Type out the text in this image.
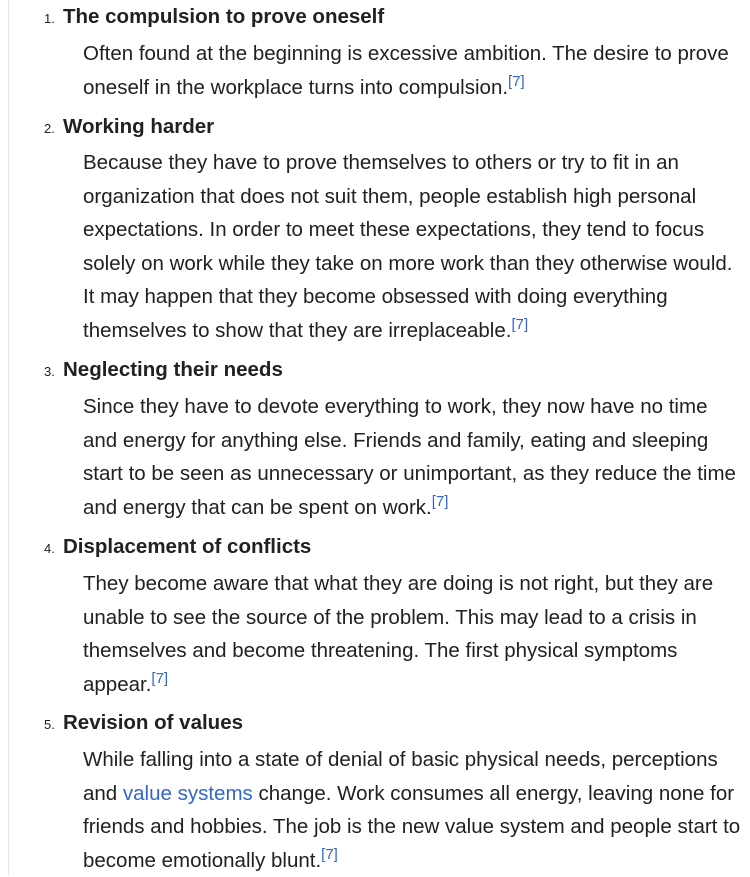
1. The compulsion to prove oneself

Often found at the beginning is excessive ambition. The desire to prove oneself in the workplace turns into compulsion.[7]

2. Working harder

Because they have to prove themselves to others or try to fit in an organization that does not suit them, people establish high personal expectations. In order to meet these expectations, they tend to focus solely on work while they take on more work than they otherwise would. It may happen that they become obsessed with doing everything themselves to show that they are irreplaceable.[7]

3. Neglecting their needs

Since they have to devote everything to work, they now have no time and energy for anything else. Friends and family, eating and sleeping start to be seen as unnecessary or unimportant, as they reduce the time and energy that can be spent on work.[7]

4. Displacement of conflicts

They become aware that what they are doing is not right, but they are unable to see the source of the problem. This may lead to a crisis in themselves and become threatening. The first physical symptoms appear.[7]

5. Revision of values

While falling into a state of denial of basic physical needs, perceptions and value systems change. Work consumes all energy, leaving none for friends and hobbies. The job is the new value system and people start to become emotionally blunt.[7]
